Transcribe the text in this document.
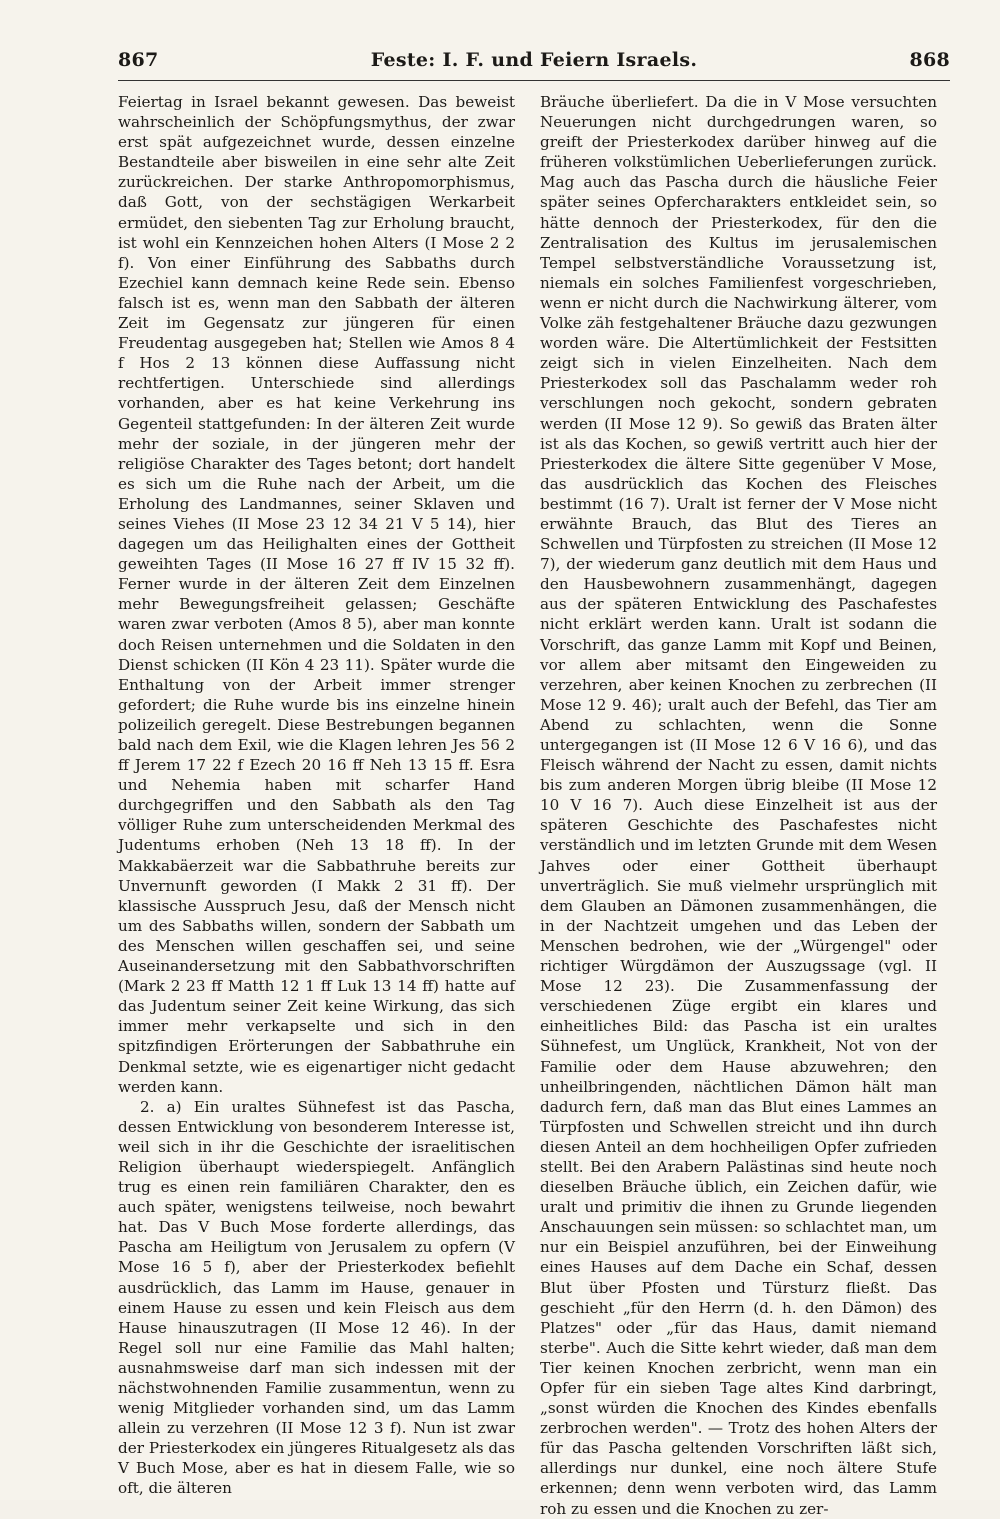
867	Feste: I. F. und Feiern Israels.	868

Feiertag in Israel bekannt gewesen. Das beweist wahrscheinlich der Schöpfungsmythus, der zwar erst spät aufgezeichnet wurde, dessen einzelne Bestandteile aber bisweilen in eine sehr alte Zeit zurückreichen. Der starke Anthropomorphismus, daß Gott, von der sechstägigen Werkarbeit ermüdet, den siebenten Tag zur Erholung braucht, ist wohl ein Kennzeichen hohen Alters (I Mose 2 2 f). Von einer Einführung des Sabbaths durch Ezechiel kann demnach keine Rede sein. Ebenso falsch ist es, wenn man den Sabbath der älteren Zeit im Gegensatz zur jüngeren für einen Freudentag ausgegeben hat; Stellen wie Amos 8 4 f Hos 2 13 können diese Auffassung nicht rechtfertigen. Unterschiede sind allerdings vorhanden, aber es hat keine Verkehrung ins Gegenteil stattgefunden: In der älteren Zeit wurde mehr der soziale, in der jüngeren mehr der religiöse Charakter des Tages betont; dort handelt es sich um die Ruhe nach der Arbeit, um die Erholung des Landmannes, seiner Sklaven und seines Viehes (II Mose 23 12 34 21 V 5 14), hier dagegen um das Heilighalten eines der Gottheit geweihten Tages (II Mose 16 27 ff IV 15 32 ff). Ferner wurde in der älteren Zeit dem Einzelnen mehr Bewegungsfreiheit gelassen; Geschäfte waren zwar verboten (Amos 8 5), aber man konnte doch Reisen unternehmen und die Soldaten in den Dienst schicken (II Kön 4 23 11). Später wurde die Enthaltung von der Arbeit immer strenger gefordert; die Ruhe wurde bis ins einzelne hinein polizeilich geregelt. Diese Bestrebungen begannen bald nach dem Exil, wie die Klagen lehren Jes 56 2 ff Jerem 17 22 f Ezech 20 16 ff Neh 13 15 ff. Esra und Nehemia haben mit scharfer Hand durchgegriffen und den Sabbath als den Tag völliger Ruhe zum unterscheidenden Merkmal des Judentums erhoben (Neh 13 18 ff). In der Makkabäerzeit war die Sabbathruhe bereits zur Unvernunft geworden (I Makk 2 31 ff). Der klassische Ausspruch Jesu, daß der Mensch nicht um des Sabbaths willen, sondern der Sabbath um des Menschen willen geschaffen sei, und seine Auseinandersetzung mit den Sabbathvorschriften (Mark 2 23 ff Matth 12 1 ff Luk 13 14 ff) hatte auf das Judentum seiner Zeit keine Wirkung, das sich immer mehr verkapselte und sich in den spitzfindigen Erörterungen der Sabbathruhe ein Denkmal setzte, wie es eigenartiger nicht gedacht werden kann.

2. a) Ein uraltes Sühnefest ist das Pascha, dessen Entwicklung von besonderem Interesse ist, weil sich in ihr die Geschichte der israelitischen Religion überhaupt wiederspiegelt. Anfänglich trug es einen rein familiären Charakter, den es auch später, wenigstens teilweise, noch bewahrt hat. Das V Buch Mose forderte allerdings, das Pascha am Heiligtum von Jerusalem zu opfern (V Mose 16 5 f), aber der Priesterkodex befiehlt ausdrücklich, das Lamm im Hause, genauer in einem Hause zu essen und kein Fleisch aus dem Hause hinauszutragen (II Mose 12 46). In der Regel soll nur eine Familie das Mahl halten; ausnahmsweise darf man sich indessen mit der nächstwohnenden Familie zusammentun, wenn zu wenig Mitglieder vorhanden sind, um das Lamm allein zu verzehren (II Mose 12 3 f). Nun ist zwar der Priesterkodex ein jüngeres Ritualgesetz als das V Buch Mose, aber es hat in diesem Falle, wie so oft, die älteren

Bräuche überliefert. Da die in V Mose versuchten Neuerungen nicht durchgedrungen waren, so greift der Priesterkodex darüber hinweg auf die früheren volkstümlichen Ueberlieferungen zurück. Mag auch das Pascha durch die häusliche Feier später seines Opfercharakters entkleidet sein, so hätte dennoch der Priesterkodex, für den die Zentralisation des Kultus im jerusalemischen Tempel selbstverständliche Voraussetzung ist, niemals ein solches Familienfest vorgeschrieben, wenn er nicht durch die Nachwirkung älterer, vom Volke zäh festgehaltener Bräuche dazu gezwungen worden wäre. Die Altertümlichkeit der Festsitten zeigt sich in vielen Einzelheiten. Nach dem Priesterkodex soll das Paschalamm weder roh verschlungen noch gekocht, sondern gebraten werden (II Mose 12 9). So gewiß das Braten älter ist als das Kochen, so gewiß vertritt auch hier der Priesterkodex die ältere Sitte gegenüber V Mose, das ausdrücklich das Kochen des Fleisches bestimmt (16 7). Uralt ist ferner der V Mose nicht erwähnte Brauch, das Blut des Tieres an Schwellen und Türpfosten zu streichen (II Mose 12 7), der wiederum ganz deutlich mit dem Haus und den Hausbewohnern zusammenhängt, dagegen aus der späteren Entwicklung des Paschafestes nicht erklärt werden kann. Uralt ist sodann die Vorschrift, das ganze Lamm mit Kopf und Beinen, vor allem aber mitsamt den Eingeweiden zu verzehren, aber keinen Knochen zu zerbrechen (II Mose 12 9. 46); uralt auch der Befehl, das Tier am Abend zu schlachten, wenn die Sonne untergegangen ist (II Mose 12 6 V 16 6), und das Fleisch während der Nacht zu essen, damit nichts bis zum anderen Morgen übrig bleibe (II Mose 12 10 V 16 7). Auch diese Einzelheit ist aus der späteren Geschichte des Paschafestes nicht verständlich und im letzten Grunde mit dem Wesen Jahves oder einer Gottheit überhaupt unverträglich. Sie muß vielmehr ursprünglich mit dem Glauben an Dämonen zusammenhängen, die in der Nachtzeit umgehen und das Leben der Menschen bedrohen, wie der „Würgengel" oder richtiger Würgdämon der Auszugssage (vgl. II Mose 12 23). Die Zusammenfassung der verschiedenen Züge ergibt ein klares und einheitliches Bild: das Pascha ist ein uraltes Sühnefest, um Unglück, Krankheit, Not von der Familie oder dem Hause abzuwehren; den unheilbringenden, nächtlichen Dämon hält man dadurch fern, daß man das Blut eines Lammes an Türpfosten und Schwellen streicht und ihn durch diesen Anteil an dem hochheiligen Opfer zufrieden stellt. Bei den Arabern Palästinas sind heute noch dieselben Bräuche üblich, ein Zeichen dafür, wie uralt und primitiv die ihnen zu Grunde liegenden Anschauungen sein müssen: so schlachtet man, um nur ein Beispiel anzuführen, bei der Einweihung eines Hauses auf dem Dache ein Schaf, dessen Blut über Pfosten und Türsturz fließt. Das geschieht „für den Herrn (d. h. den Dämon) des Platzes" oder „für das Haus, damit niemand sterbe". Auch die Sitte kehrt wieder, daß man dem Tier keinen Knochen zerbricht, wenn man ein Opfer für ein sieben Tage altes Kind darbringt, „sonst würden die Knochen des Kindes ebenfalls zerbrochen werden". — Trotz des hohen Alters der für das Pascha geltenden Vorschriften läßt sich, allerdings nur dunkel, eine noch ältere Stufe erkennen; denn wenn verboten wird, das Lamm roh zu essen und die Knochen zu zer-
